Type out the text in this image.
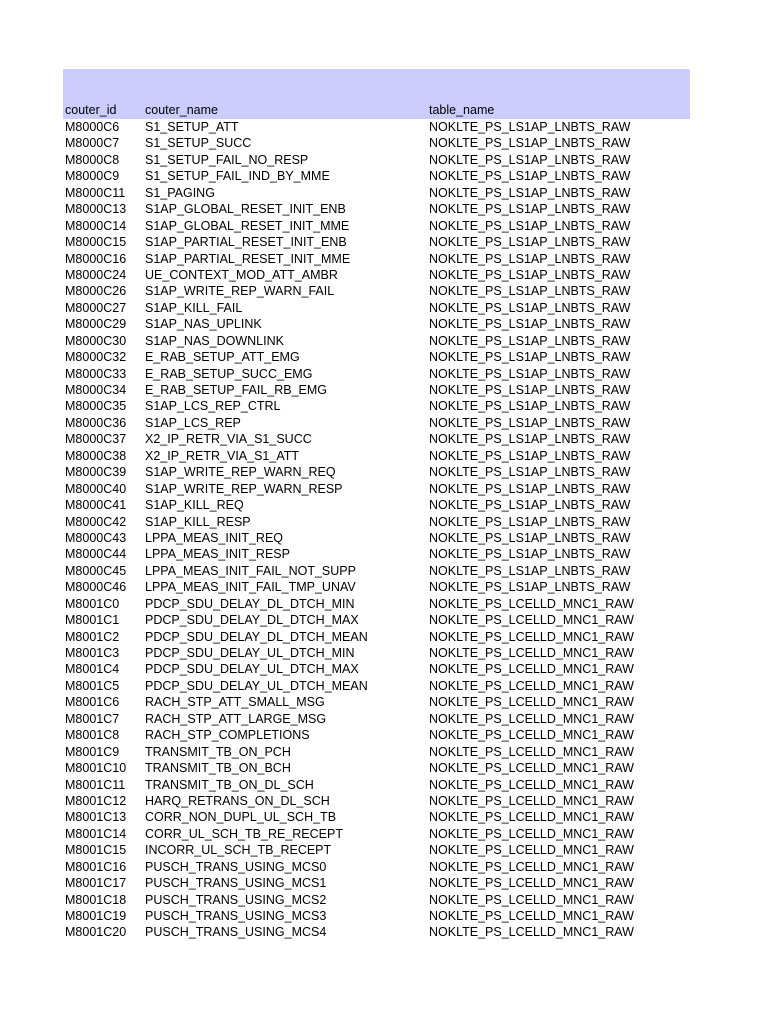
couter_id couter_name	table_name
M8000C6 S1_SETUP_ATT	NOKLTE_PS_LS1AP_LNBTS_RAW
M8000C7 S1_SETUP_SUCC	NOKLTE_PS_LS1AP_LNBTS_RAW
M8000C8 S1_SETUP_FAIL_NO_RESP	NOKLTE_PS_LS1AP_LNBTS_RAW
M8000C9 S1_SETUP_FAIL_IND_BY_MME	NOKLTE_PS_LS1AP_LNBTS_RAW
M8000C11 S1_PAGING	NOKLTE_PS_LS1AP_LNBTS_RAW
M8000C13 S1AP_GLOBAL_RESET_INIT_ENB	NOKLTE_PS_LS1AP_LNBTS_RAW
M8000C14 S1AP_GLOBAL_RESET_INIT_MME	NOKLTE_PS_LS1AP_LNBTS_RAW
M8000C15 S1AP_PARTIAL_RESET_INIT_ENB	NOKLTE_PS_LS1AP_LNBTS_RAW
M8000C16 S1AP_PARTIAL_RESET_INIT_MME	NOKLTE_PS_LS1AP_LNBTS_RAW
M8000C24 UE_CONTEXT_MOD_ATT_AMBR	NOKLTE_PS_LS1AP_LNBTS_RAW
M8000C26 S1AP_WRITE_REP_WARN_FAIL	NOKLTE_PS_LS1AP_LNBTS_RAW
M8000C27 S1AP_KILL_FAIL	NOKLTE_PS_LS1AP_LNBTS_RAW
M8000C29 S1AP_NAS_UPLINK	NOKLTE_PS_LS1AP_LNBTS_RAW
M8000C30 S1AP_NAS_DOWNLINK	NOKLTE_PS_LS1AP_LNBTS_RAW
M8000C32 E_RAB_SETUP_ATT_EMG	NOKLTE_PS_LS1AP_LNBTS_RAW
M8000C33 E_RAB_SETUP_SUCC_EMG	NOKLTE_PS_LS1AP_LNBTS_RAW
M8000C34 E_RAB_SETUP_FAIL_RB_EMG	NOKLTE_PS_LS1AP_LNBTS_RAW
M8000C35 S1AP_LCS_REP_CTRL	NOKLTE_PS_LS1AP_LNBTS_RAW
M8000C36 S1AP_LCS_REP	NOKLTE_PS_LS1AP_LNBTS_RAW
M8000C37 X2_IP_RETR_VIA_S1_SUCC	NOKLTE_PS_LS1AP_LNBTS_RAW
M8000C38 X2_IP_RETR_VIA_S1_ATT	NOKLTE_PS_LS1AP_LNBTS_RAW
M8000C39 S1AP_WRITE_REP_WARN_REQ	NOKLTE_PS_LS1AP_LNBTS_RAW
M8000C40 S1AP_WRITE_REP_WARN_RESP	NOKLTE_PS_LS1AP_LNBTS_RAW
M8000C41 S1AP_KILL_REQ	NOKLTE_PS_LS1AP_LNBTS_RAW
M8000C42 S1AP_KILL_RESP	NOKLTE_PS_LS1AP_LNBTS_RAW
M8000C43 LPPA_MEAS_INIT_REQ	NOKLTE_PS_LS1AP_LNBTS_RAW
M8000C44 LPPA_MEAS_INIT_RESP	NOKLTE_PS_LS1AP_LNBTS_RAW
M8000C45 LPPA_MEAS_INIT_FAIL_NOT_SUPP	NOKLTE_PS_LS1AP_LNBTS_RAW
M8000C46 LPPA_MEAS_INIT_FAIL_TMP_UNAV	NOKLTE_PS_LS1AP_LNBTS_RAW
M8001C0 PDCP_SDU_DELAY_DL_DTCH_MIN	NOKLTE_PS_LCELLD_MNC1_RAW
M8001C1 PDCP_SDU_DELAY_DL_DTCH_MAX	NOKLTE_PS_LCELLD_MNC1_RAW
M8001C2 PDCP_SDU_DELAY_DL_DTCH_MEAN	NOKLTE_PS_LCELLD_MNC1_RAW
M8001C3 PDCP_SDU_DELAY_UL_DTCH_MIN	NOKLTE_PS_LCELLD_MNC1_RAW
M8001C4 PDCP_SDU_DELAY_UL_DTCH_MAX	NOKLTE_PS_LCELLD_MNC1_RAW
M8001C5 PDCP_SDU_DELAY_UL_DTCH_MEAN	NOKLTE_PS_LCELLD_MNC1_RAW
M8001C6 RACH_STP_ATT_SMALL_MSG	NOKLTE_PS_LCELLD_MNC1_RAW
M8001C7 RACH_STP_ATT_LARGE_MSG	NOKLTE_PS_LCELLD_MNC1_RAW
M8001C8 RACH_STP_COMPLETIONS	NOKLTE_PS_LCELLD_MNC1_RAW
M8001C9 TRANSMIT_TB_ON_PCH	NOKLTE_PS_LCELLD_MNC1_RAW
M8001C10 TRANSMIT_TB_ON_BCH	NOKLTE_PS_LCELLD_MNC1_RAW
M8001C11 TRANSMIT_TB_ON_DL_SCH	NOKLTE_PS_LCELLD_MNC1_RAW
M8001C12 HARQ_RETRANS_ON_DL_SCH	NOKLTE_PS_LCELLD_MNC1_RAW
M8001C13 CORR_NON_DUPL_UL_SCH_TB	NOKLTE_PS_LCELLD_MNC1_RAW
M8001C14 CORR_UL_SCH_TB_RE_RECEPT	NOKLTE_PS_LCELLD_MNC1_RAW
M8001C15 INCORR_UL_SCH_TB_RECEPT	NOKLTE_PS_LCELLD_MNC1_RAW
M8001C16 PUSCH_TRANS_USING_MCS0	NOKLTE_PS_LCELLD_MNC1_RAW
M8001C17 PUSCH_TRANS_USING_MCS1	NOKLTE_PS_LCELLD_MNC1_RAW
M8001C18 PUSCH_TRANS_USING_MCS2	NOKLTE_PS_LCELLD_MNC1_RAW
M8001C19 PUSCH_TRANS_USING_MCS3	NOKLTE_PS_LCELLD_MNC1_RAW
M8001C20 PUSCH_TRANS_USING_MCS4	NOKLTE_PS_LCELLD_MNC1_RAW
